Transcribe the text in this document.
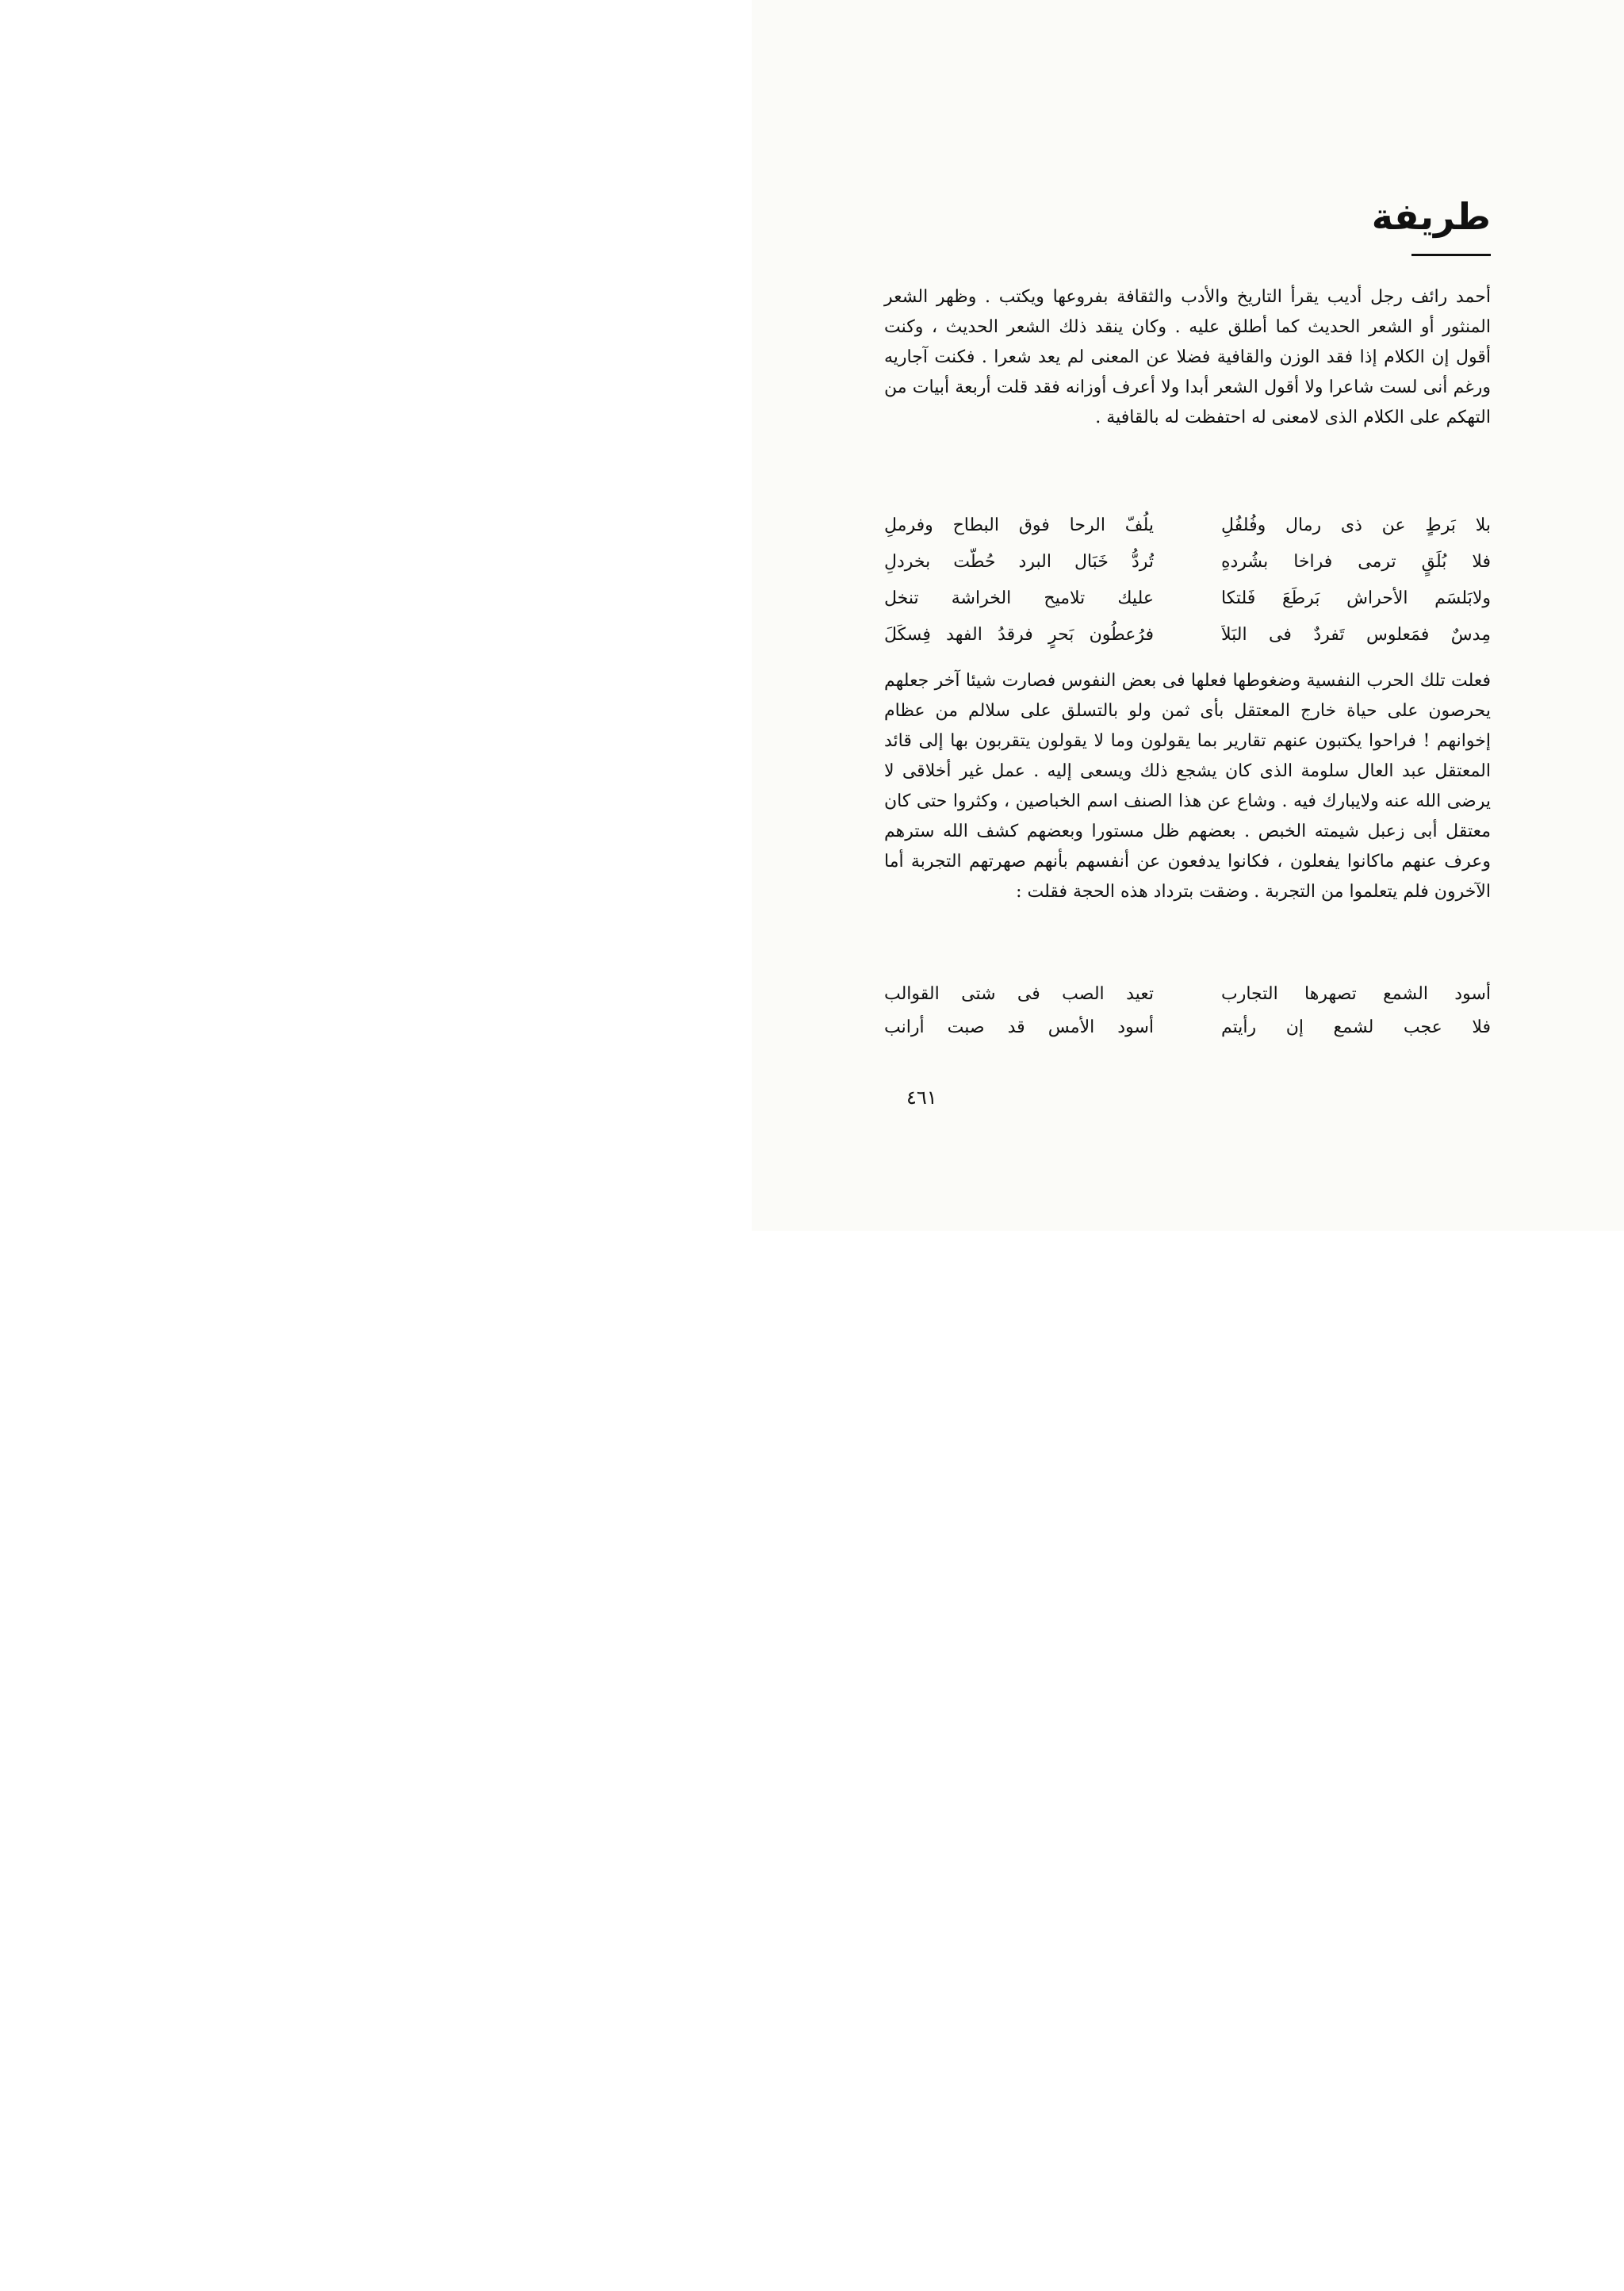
طريفة
أحمد رائف رجل أديب يقرأ التاريخ والأدب والثقافة بفروعها ويكتب . وظهر الشعر المنثور أو الشعر الحديث كما أطلق عليه . وكان ينقد ذلك الشعر الحديث ، وكنت أقول إن الكلام إذا فقد الوزن والقافية فضلا عن المعنى لم يعد شعرا . فكنت آجاريه ورغم أنى لست شاعرا ولا أقول الشعر أبدا ولا أعرف أوزانه فقد قلت أربعة أبيات من التهكم على الكلام الذى لامعنى له احتفظت له بالقافية .
بلا بَرطٍ عن ذى رمال وفُلفُلِ
يلُفّ الرحا فوق البطاح وفرملِ
فلا بُلَقٍ ترمى فراخا بشُردهِ
تُردُّ خَبَال البرد حُطّت بخردلِ
ولابَلسَم الأحراش بَرطَعَ فَلتكا
عليك تلاميح الخراشة تنخل
مِدسٌ فمَعلوس تَفردٌ فى البَلاَ
فرُعطُون بَحرٍ فرقدُ الفهد فِسكَلَ
فعلت تلك الحرب النفسية وضغوطها فعلها فى بعض النفوس فصارت شيئا آخر جعلهم يحرصون على حياة خارج المعتقل بأى ثمن ولو بالتسلق على سلالم من عظام إخوانهم ! فراحوا يكتبون عنهم تقارير بما يقولون وما لا يقولون يتقربون بها إلى قائد المعتقل عبد العال سلومة الذى كان يشجع ذلك ويسعى إليه . عمل غير أخلاقى لا يرضى الله عنه ولايبارك فيه . وشاع عن هذا الصنف اسم الخباصين ، وكثروا حتى كان معتقل أبى زعبل شيمته الخبص . بعضهم ظل مستورا وبعضهم كشف الله سترهم وعرف عنهم ماكانوا يفعلون ، فكانوا يدفعون عن أنفسهم بأنهم صهرتهم التجربة أما الآخرون فلم يتعلموا من التجربة . وضقت بترداد هذه الحجة فقلت :
أسود الشمع تصهرها التجارب
تعيد الصب فى شتى القوالب
فلا عجب لشمع إن رأيتم
أسود الأمس قد صبت أرانب
٤٦١
